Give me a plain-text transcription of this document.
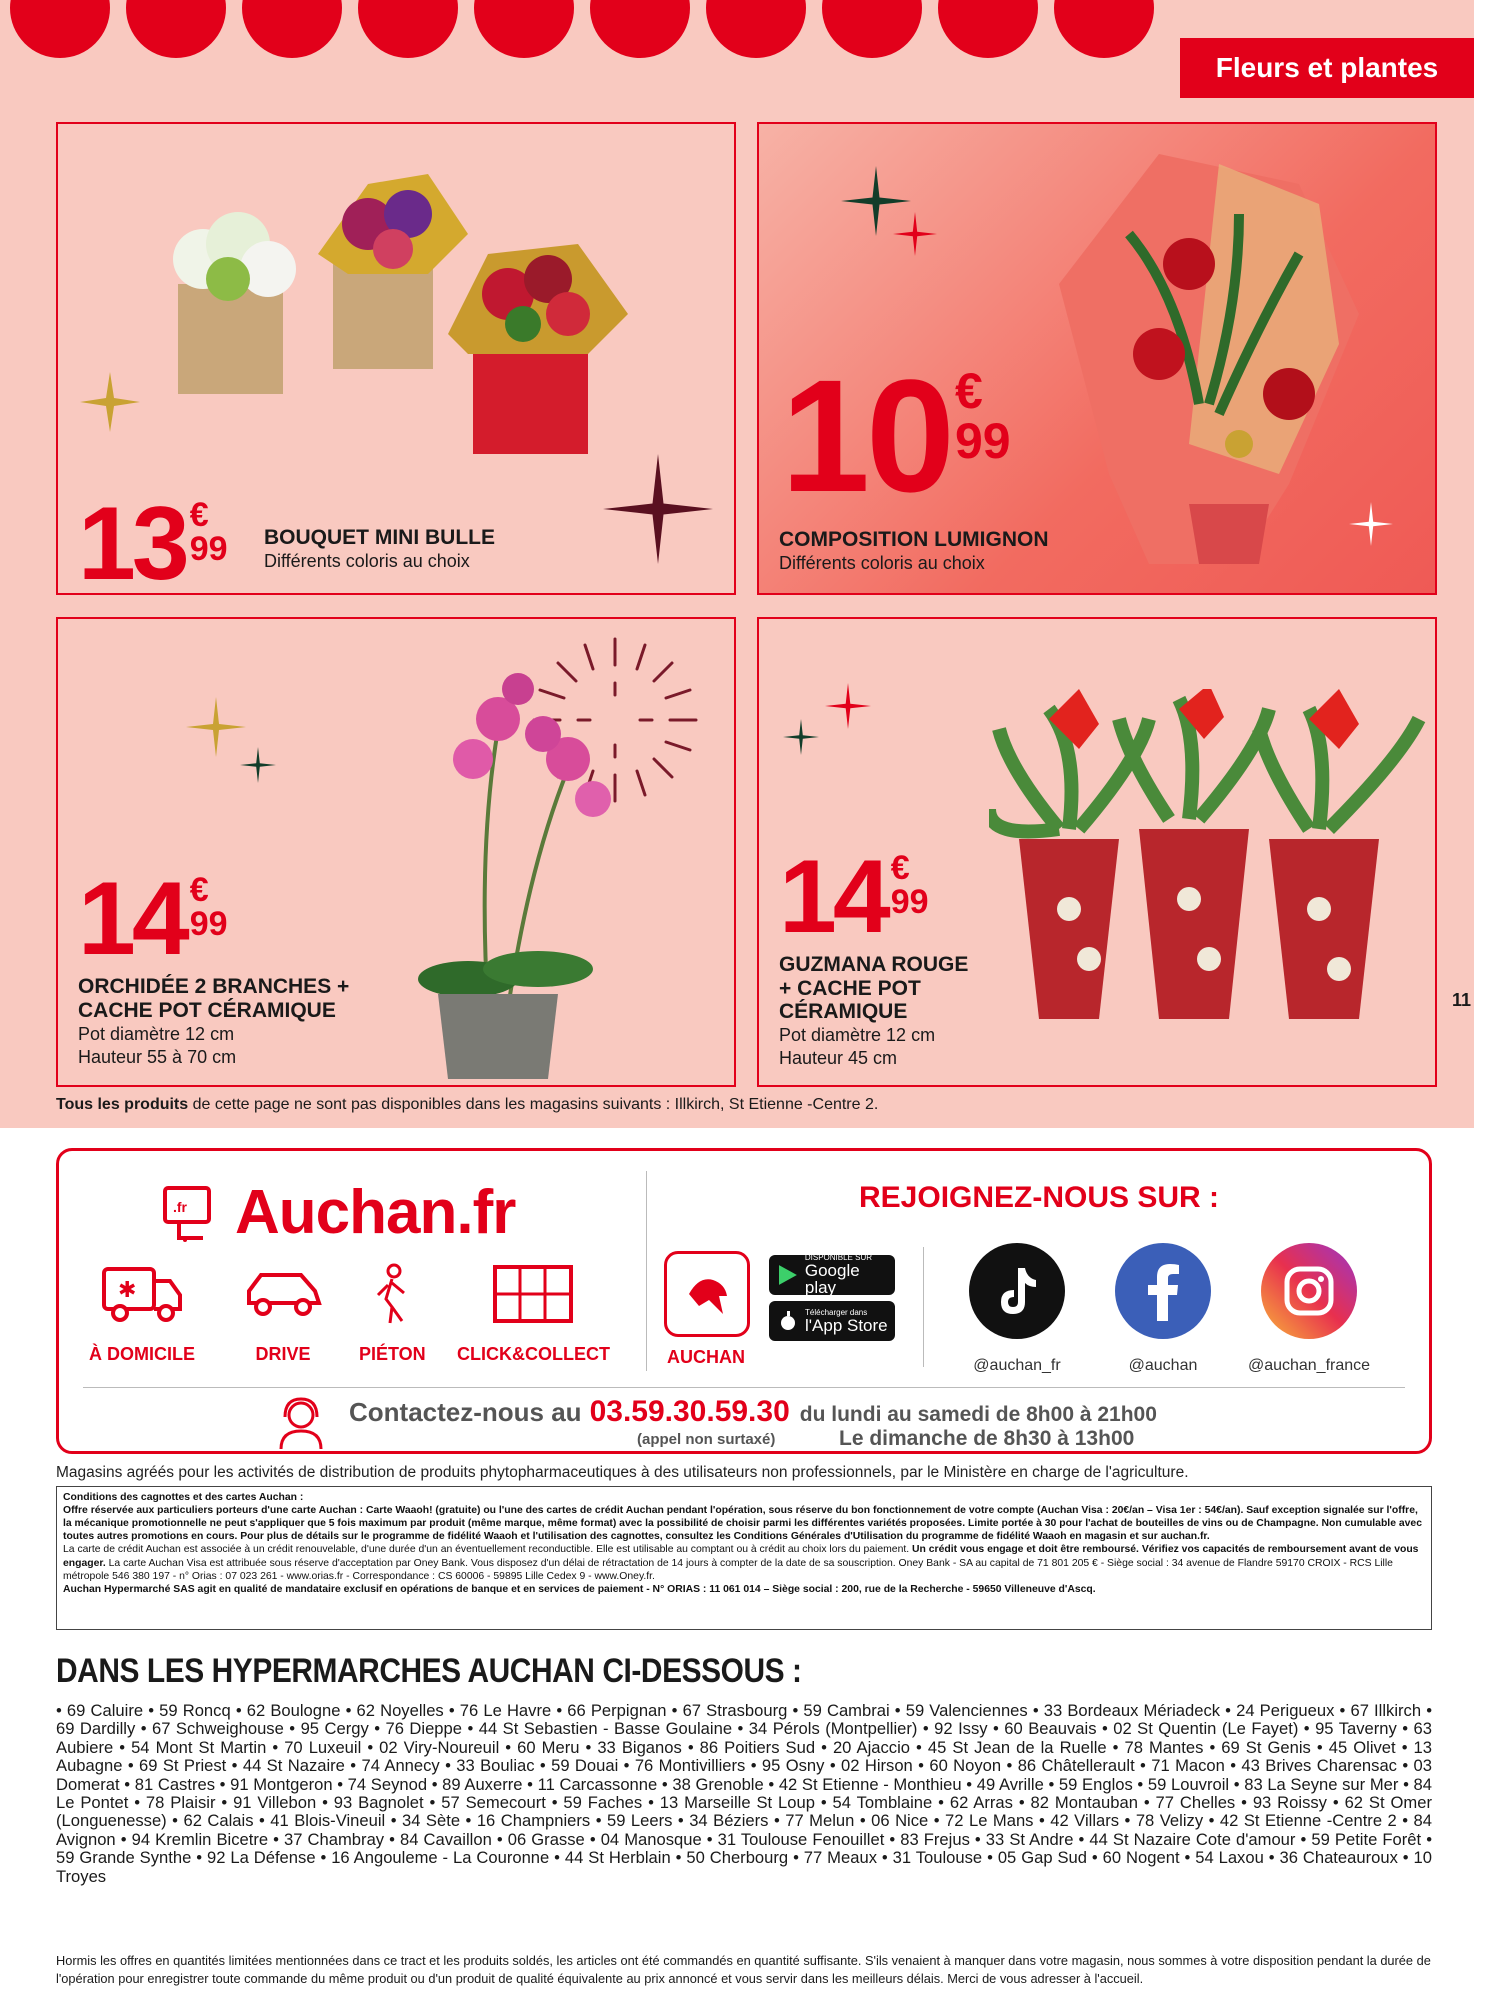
Fleurs et plantes
13 €
99 BOUQUET MINI BULLE
Différents coloris au choix
10 €
99
COMPOSITION LUMIGNON
Différents coloris au choix
14 €
99
ORCHIDÉE 2 BRANCHES +
CACHE POT CÉRAMIQUE
Pot diamètre 12 cm
Hauteur 55 à 70 cm
14 €
99
GUZMANA ROUGE
+ CACHE POT
CÉRAMIQUE
Pot diamètre 12 cm
Hauteur 45 cm
Tous les produits de cette page ne sont pas disponibles dans les magasins suivants : Illkirch, St Etienne -Centre 2.
11
.fr Auchan.fr
✱
À DOMICILE	DRIVE	PIÉTON CLICK&COLLECT
REJOIGNEZ-NOUS SUR :
AUCHAN
DISPONIBLE SUR
Google play
Télécharger dans
l'App Store
@auchan_fr	@auchan	@auchan_france
Contactez-nous au 03.59.30.59.30 du lundi au samedi de 8h00 à 21h00
(appel non surtaxé)	Le dimanche de 8h30 à 13h00
Magasins agréés pour les activités de distribution de produits phytopharmaceutiques à des utilisateurs non professionnels, par le Ministère en charge de l'agriculture.

Conditions des cagnottes et des cartes Auchan :

Offre réservée aux particuliers porteurs d'une carte Auchan : Carte Waaoh! (gratuite) ou l'une des cartes de crédit Auchan pendant l'opération, sous réserve du bon fonctionnement de votre compte (Auchan Visa : 20€/an – Visa 1er : 54€/an). Sauf exception signalée sur l'offre, la mécanique promotionnelle ne peut s'appliquer que 5 fois maximum par produit (même marque, même format) avec la possibilité de choisir parmi les différentes variétés proposées. Limite portée à 30 pour l'achat de bouteilles de vins ou de Champagne. Non cumulable avec toutes autres promotions en cours. Pour plus de détails sur le programme de fidélité Waaoh et l'utilisation des cagnottes, consultez les Conditions Générales d'Utilisation du programme de fidélité Waaoh en magasin et sur auchan.fr.

La carte de crédit Auchan est associée à un crédit renouvelable, d'une durée d'un an éventuellement reconductible. Elle est utilisable au comptant ou à crédit au choix lors du paiement. Un crédit vous engage et doit être remboursé. Vérifiez vos capacités de remboursement avant de vous engager. La carte Auchan Visa est attribuée sous réserve d'acceptation par Oney Bank. Vous disposez d'un délai de rétractation de 14 jours à compter de la date de sa souscription. Oney Bank - SA au capital de 71 801 205 € - Siège social : 34 avenue de Flandre 59170 CROIX - RCS Lille métropole 546 380 197 - n° Orias : 07 023 261 - www.orias.fr - Correspondance : CS 60006 - 59895 Lille Cedex 9 - www.Oney.fr.

Auchan Hypermarché SAS agit en qualité de mandataire exclusif en opérations de banque et en services de paiement - N° ORIAS : 11 061 014 – Siège social : 200, rue de la Recherche - 59650 Villeneuve d'Ascq.

DANS LES HYPERMARCHES AUCHAN CI-DESSOUS :
• 69 Caluire • 59 Roncq • 62 Boulogne • 62 Noyelles • 76 Le Havre • 66 Perpignan • 67 Strasbourg • 59 Cambrai • 59 Valenciennes • 33 Bordeaux Mériadeck • 24 Perigueux • 67 Illkirch • 69 Dardilly • 67 Schweighouse • 95 Cergy • 76 Dieppe • 44 St Sebastien - Basse Goulaine • 34 Pérols (Montpellier) • 92 Issy • 60 Beauvais • 02 St Quentin (Le Fayet) • 95 Taverny • 63 Aubiere • 54 Mont St Martin • 70 Luxeuil • 02 Viry-Noureuil • 60 Meru • 33 Biganos • 86 Poitiers Sud • 20 Ajaccio • 45 St Jean de la Ruelle • 78 Mantes • 69 St Genis • 45 Olivet • 13 Aubagne • 69 St Priest • 44 St Nazaire • 74 Annecy • 33 Bouliac • 59 Douai • 76 Montivilliers • 95 Osny • 02 Hirson • 60 Noyon • 86 Châtellerault • 71 Macon • 43 Brives Charensac • 03 Domerat • 81 Castres • 91 Montgeron • 74 Seynod • 89 Auxerre • 11 Carcassonne • 38 Grenoble • 42 St Etienne - Monthieu • 49 Avrille • 59 Englos • 59 Louvroil • 83 La Seyne sur Mer • 84 Le Pontet • 78 Plaisir • 91 Villebon • 93 Bagnolet • 57 Semecourt • 59 Faches • 13 Marseille St Loup • 54 Tomblaine • 62 Arras • 82 Montauban • 77 Chelles • 93 Roissy • 62 St Omer (Longuenesse) • 62 Calais • 41 Blois-Vineuil • 34 Sète • 16 Champniers • 59 Leers • 34 Béziers • 77 Melun • 06 Nice • 72 Le Mans • 42 Villars • 78 Velizy • 42 St Etienne -Centre 2 • 84 Avignon • 94 Kremlin Bicetre • 37 Chambray • 84 Cavaillon • 06 Grasse • 04 Manosque • 31 Toulouse Fenouillet • 83 Frejus • 33 St Andre • 44 St Nazaire Cote d'amour • 59 Petite Forêt • 59 Grande Synthe • 92 La Défense • 16 Angouleme - La Couronne • 44 St Herblain • 50 Cherbourg • 77 Meaux • 31 Toulouse • 05 Gap Sud • 60 Nogent • 54 Laxou • 36 Chateauroux • 10 Troyes
Hormis les offres en quantités limitées mentionnées dans ce tract et les produits soldés, les articles ont été commandés en quantité suffisante. S'ils venaient à manquer dans votre magasin, nous sommes à votre disposition pendant la durée de l'opération pour enregistrer toute commande du même produit ou d'un produit de qualité équivalente au prix annoncé et vous servir dans les meilleurs délais. Merci de vous adresser à l'accueil.
